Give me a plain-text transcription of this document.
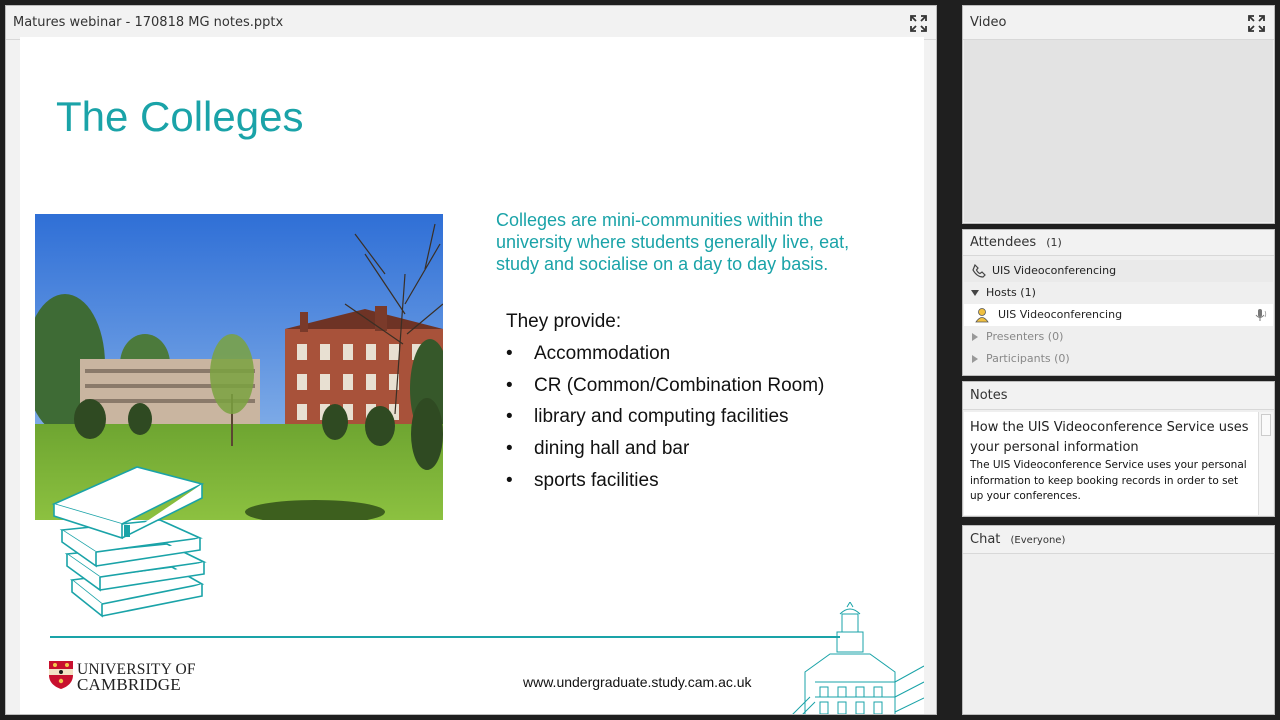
Matures webinar - 170818 MG notes.pptx
The Colleges
Colleges are mini-communities within the university where students generally live, eat, study and socialise on a day to day basis.
They provide:
• Accommodation
• CR (Common/Combination Room)
• library and computing facilities
• dining hall and bar
• sports facilities
UNIVERSITY OF
CAMBRIDGE	www.undergraduate.study.cam.ac.uk
Video
Attendees (1)
UIS Videoconferencing
Hosts (1)
UIS Videoconferencing
Presenters (0)
Participants (0)
Notes
How the UIS Videoconference Service uses your personal information
The UIS Videoconference Service uses your personal information to keep booking records in order to set up your conferences.
Chat (Everyone)
